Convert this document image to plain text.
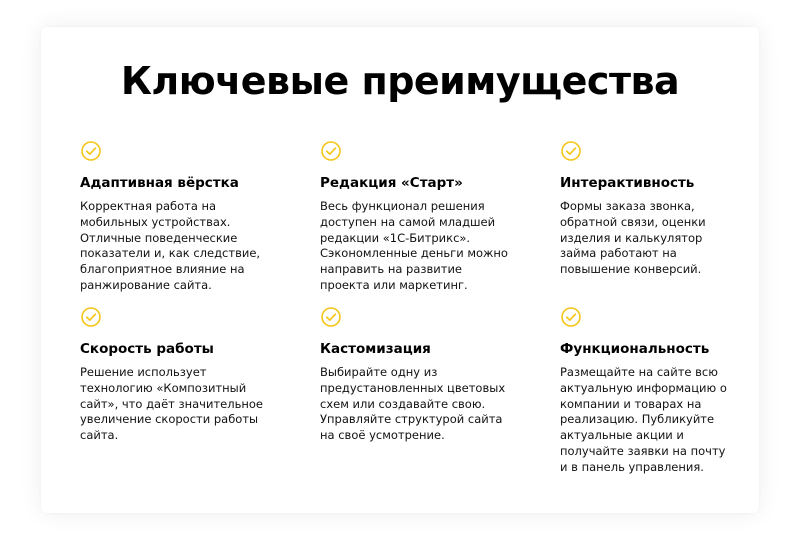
Ключевые преимущества
Адаптивная вёрстка
Корректная работа на
мобильных устройствах.
Отличные поведенческие
показатели и, как следствие,
благоприятное влияние на
ранжирование сайта.
Редакция «Старт»
Весь функционал решения
доступен на самой младшей
редакции «1С-Битрикс».
Сэкономленные деньги можно
направить на развитие
проекта или маркетинг.
Интерактивность
Формы заказа звонка,
обратной связи, оценки
изделия и калькулятор
займа работают на
повышение конверсий.
Скорость работы
Решение использует
технологию «Композитный
сайт», что даёт значительное
увеличение скорости работы
сайта.
Кастомизация
Выбирайте одну из
предустановленных цветовых
схем или создавайте свою.
Управляйте структурой сайта
на своё усмотрение.
Функциональность
Размещайте на сайте всю
актуальную информацию о
компании и товарах на
реализацию. Публикуйте
актуальные акции и
получайте заявки на почту
и в панель управления.
